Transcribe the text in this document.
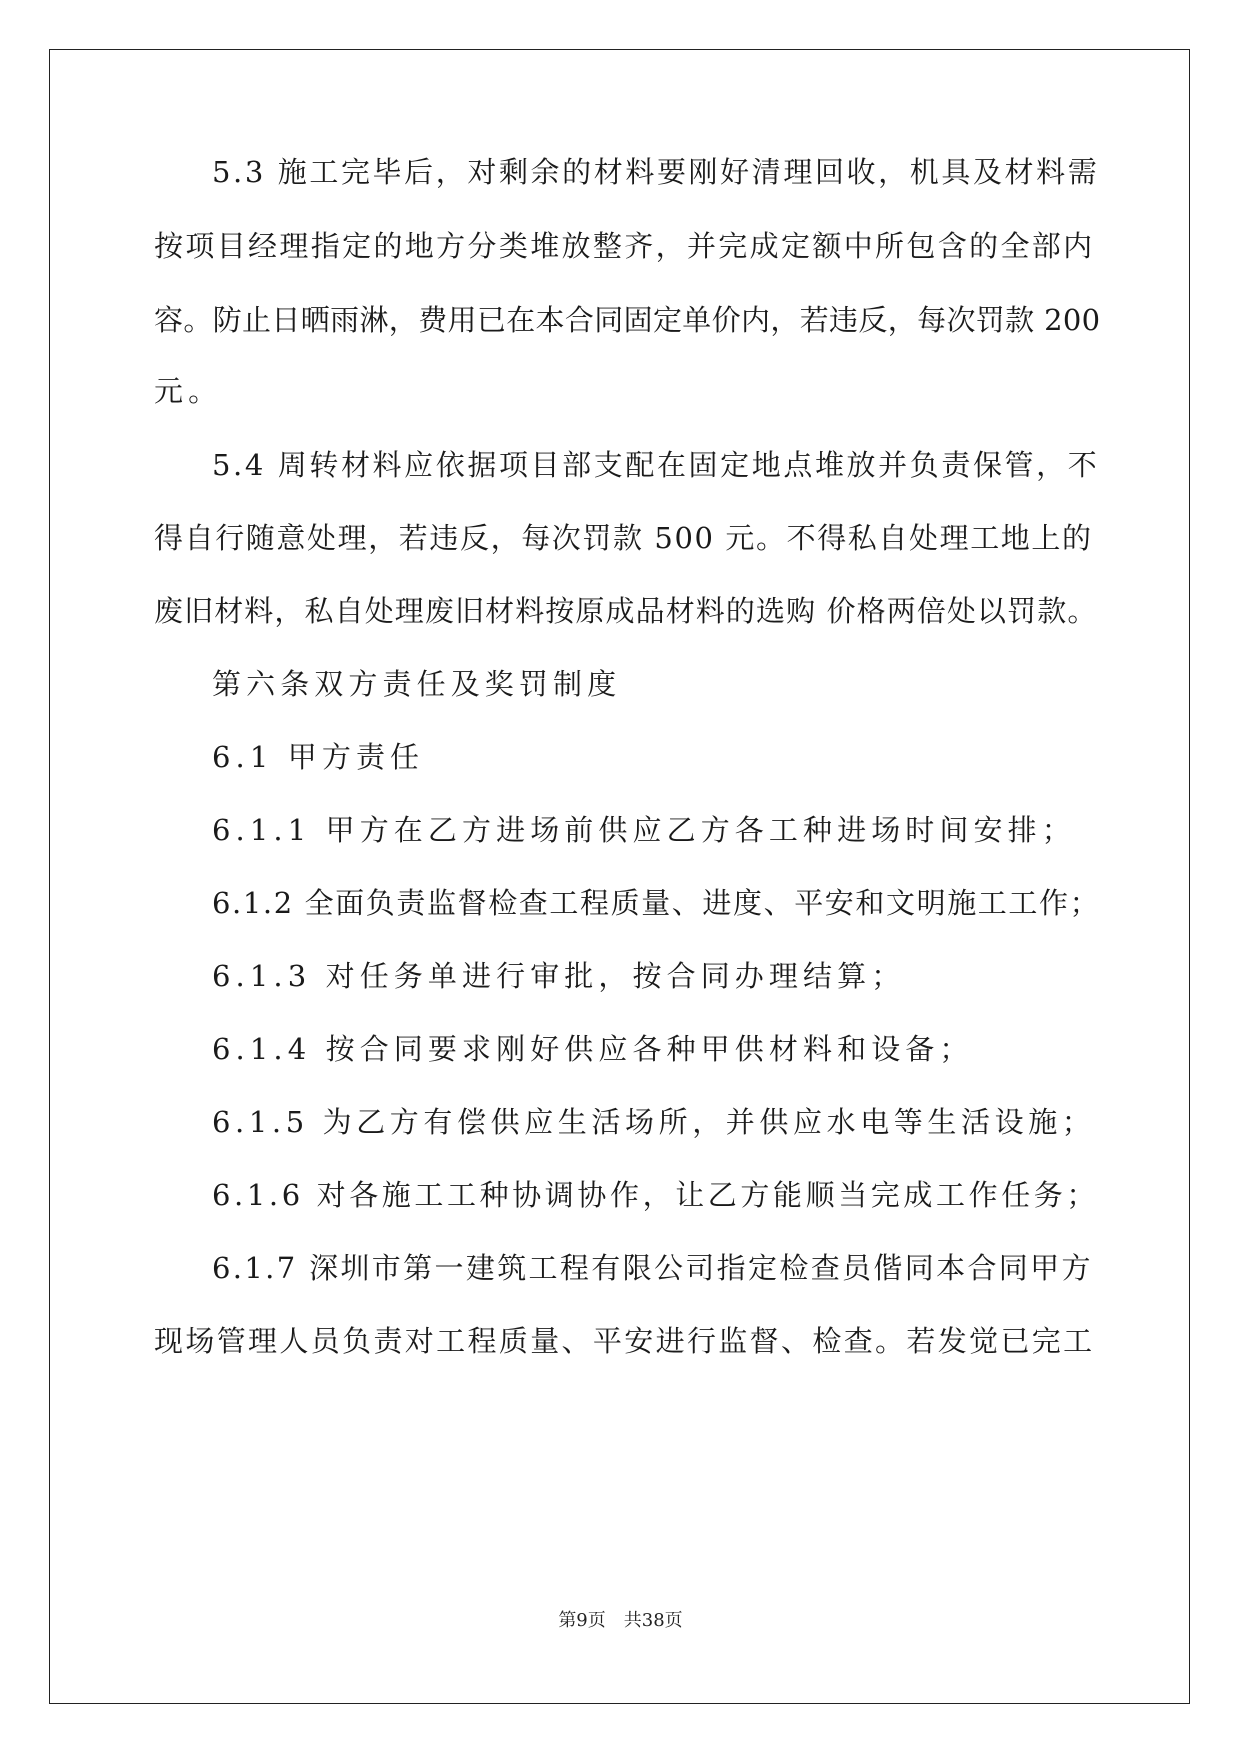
5.3 施工完毕后，对剩余的材料要刚好清理回收，机具及材料需
按项目经理指定的地方分类堆放整齐，并完成定额中所包含的全部内
容。防止日晒雨淋，费用已在本合同固定单价内，若违反，每次罚款 200
元。
5.4 周转材料应依据项目部支配在固定地点堆放并负责保管，不
得自行随意处理，若违反，每次罚款 500 元。不得私自处理工地上的
废旧材料，私自处理废旧材料按原成品材料的选购 价格两倍处以罚款。
第六条双方责任及奖罚制度
6.1 甲方责任
6.1.1 甲方在乙方进场前供应乙方各工种进场时间安排；
6.1.2 全面负责监督检查工程质量、进度、平安和文明施工工作；
6.1.3 对任务单进行审批，按合同办理结算；
6.1.4 按合同要求刚好供应各种甲供材料和设备；
6.1.5 为乙方有偿供应生活场所，并供应水电等生活设施；
6.1.6 对各施工工种协调协作，让乙方能顺当完成工作任务；
6.1.7 深圳市第一建筑工程有限公司指定检查员偕同本合同甲方
现场管理人员负责对工程质量、平安进行监督、检查。若发觉已完工
第9页 共38页
